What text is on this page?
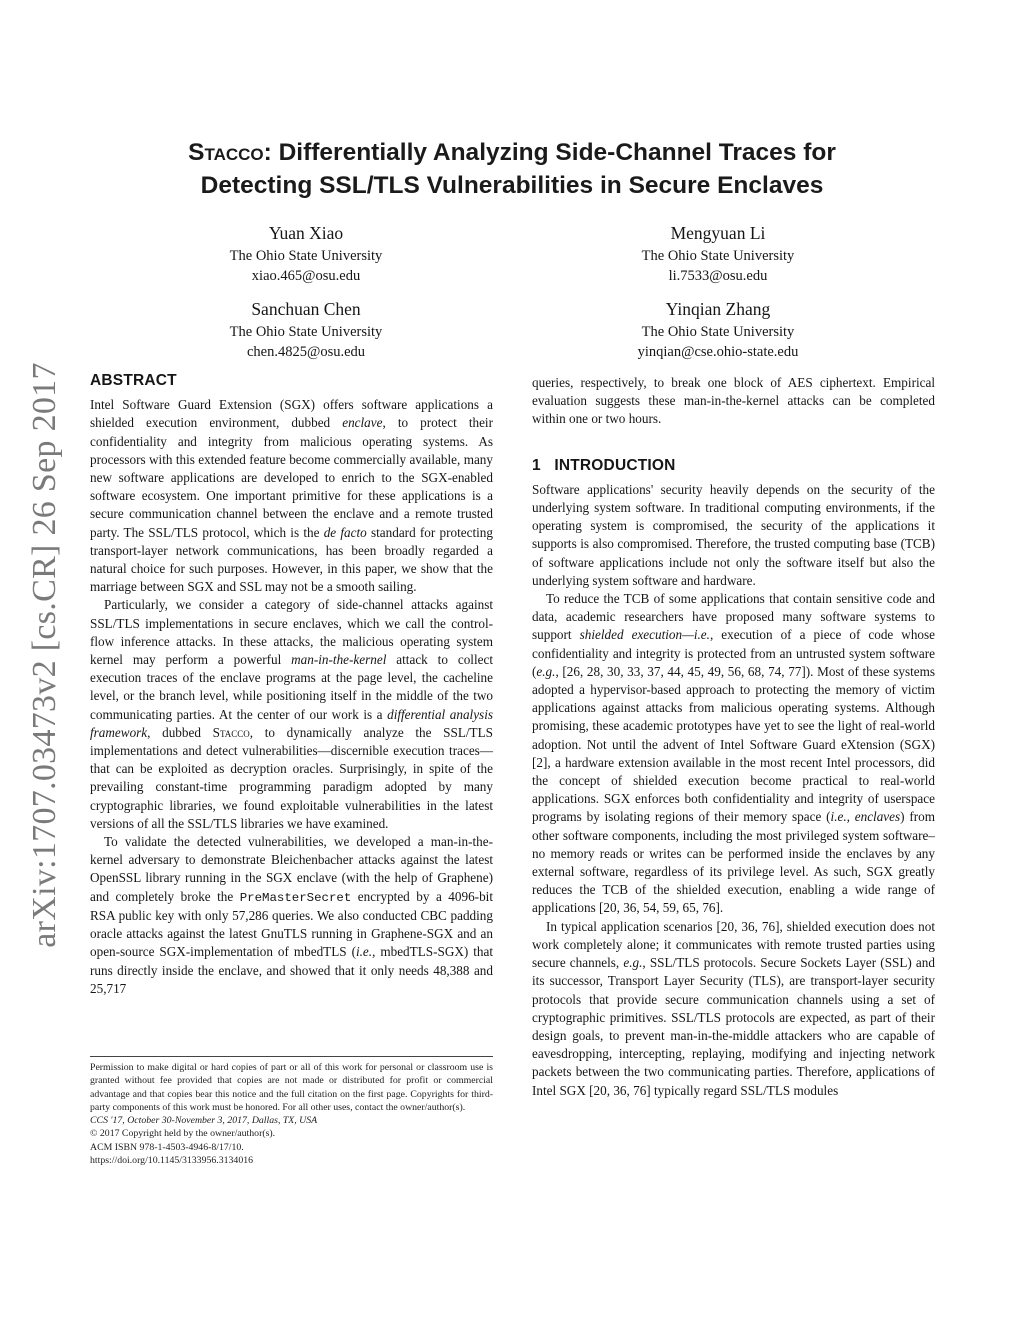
Stacco: Differentially Analyzing Side-Channel Traces for
Detecting SSL/TLS Vulnerabilities in Secure Enclaves
Yuan Xiao
The Ohio State University
xiao.465@osu.edu
Mengyuan Li
The Ohio State University
li.7533@osu.edu
Sanchuan Chen
The Ohio State University
chen.4825@osu.edu
Yinqian Zhang
The Ohio State University
yinqian@cse.ohio-state.edu
arXiv:1707.03473v2 [cs.CR] 26 Sep 2017 ABSTRACT

Intel Software Guard Extension (SGX) offers software applications a shielded execution environment, dubbed enclave, to protect their confidentiality and integrity from malicious operating systems. As processors with this extended feature become commercially available, many new software applications are developed to enrich to the SGX-enabled software ecosystem. One important primitive for these applications is a secure communication channel between the enclave and a remote trusted party. The SSL/TLS protocol, which is the de facto standard for protecting transport-layer network communications, has been broadly regarded a natural choice for such purposes. However, in this paper, we show that the marriage between SGX and SSL may not be a smooth sailing.

Particularly, we consider a category of side-channel attacks against SSL/TLS implementations in secure enclaves, which we call the control-flow inference attacks. In these attacks, the malicious operating system kernel may perform a powerful man-in-the-kernel attack to collect execution traces of the enclave programs at the page level, the cacheline level, or the branch level, while positioning itself in the middle of the two communicating parties. At the center of our work is a differential analysis framework, dubbed Stacco, to dynamically analyze the SSL/TLS implementations and detect vulnerabilities—discernible execution traces—that can be exploited as decryption oracles. Surprisingly, in spite of the prevailing constant-time programming paradigm adopted by many cryptographic libraries, we found exploitable vulnerabilities in the latest versions of all the SSL/TLS libraries we have examined.

To validate the detected vulnerabilities, we developed a man-in-the-kernel adversary to demonstrate Bleichenbacher attacks against the latest OpenSSL library running in the SGX enclave (with the help of Graphene) and completely broke the PreMasterSecret encrypted by a 4096-bit RSA public key with only 57,286 queries. We also conducted CBC padding oracle attacks against the latest GnuTLS running in Graphene-SGX and an open-source SGX-implementation of mbedTLS (i.e., mbedTLS-SGX) that runs directly inside the enclave, and showed that it only needs 48,388 and 25,717

Permission to make digital or hard copies of part or all of this work for personal or classroom use is granted without fee provided that copies are not made or distributed for profit or commercial advantage and that copies bear this notice and the full citation on the first page. Copyrights for third-party components of this work must be honored. For all other uses, contact the owner/author(s).
CCS '17, October 30-November 3, 2017, Dallas, TX, USA
© 2017 Copyright held by the owner/author(s).
ACM ISBN 978-1-4503-4946-8/17/10.
https://doi.org/10.1145/3133956.3134016

queries, respectively, to break one block of AES ciphertext. Empirical evaluation suggests these man-in-the-kernel attacks can be completed within one or two hours.

1   INTRODUCTION

Software applications' security heavily depends on the security of the underlying system software. In traditional computing environments, if the operating system is compromised, the security of the applications it supports is also compromised. Therefore, the trusted computing base (TCB) of software applications include not only the software itself but also the underlying system software and hardware.

To reduce the TCB of some applications that contain sensitive code and data, academic researchers have proposed many software systems to support shielded execution—i.e., execution of a piece of code whose confidentiality and integrity is protected from an untrusted system software (e.g., [26, 28, 30, 33, 37, 44, 45, 49, 56, 68, 74, 77]). Most of these systems adopted a hypervisor-based approach to protecting the memory of victim applications against attacks from malicious operating systems. Although promising, these academic prototypes have yet to see the light of real-world adoption. Not until the advent of Intel Software Guard eXtension (SGX) [2], a hardware extension available in the most recent Intel processors, did the concept of shielded execution become practical to real-world applications. SGX enforces both confidentiality and integrity of userspace programs by isolating regions of their memory space (i.e., enclaves) from other software components, including the most privileged system software–no memory reads or writes can be performed inside the enclaves by any external software, regardless of its privilege level. As such, SGX greatly reduces the TCB of the shielded execution, enabling a wide range of applications [20, 36, 54, 59, 65, 76].

In typical application scenarios [20, 36, 76], shielded execution does not work completely alone; it communicates with remote trusted parties using secure channels, e.g., SSL/TLS protocols. Secure Sockets Layer (SSL) and its successor, Transport Layer Security (TLS), are transport-layer security protocols that provide secure communication channels using a set of cryptographic primitives. SSL/TLS protocols are expected, as part of their design goals, to prevent man-in-the-middle attackers who are capable of eavesdropping, intercepting, replaying, modifying and injecting network packets between the two communicating parties. Therefore, applications of Intel SGX [20, 36, 76] typically regard SSL/TLS modules
